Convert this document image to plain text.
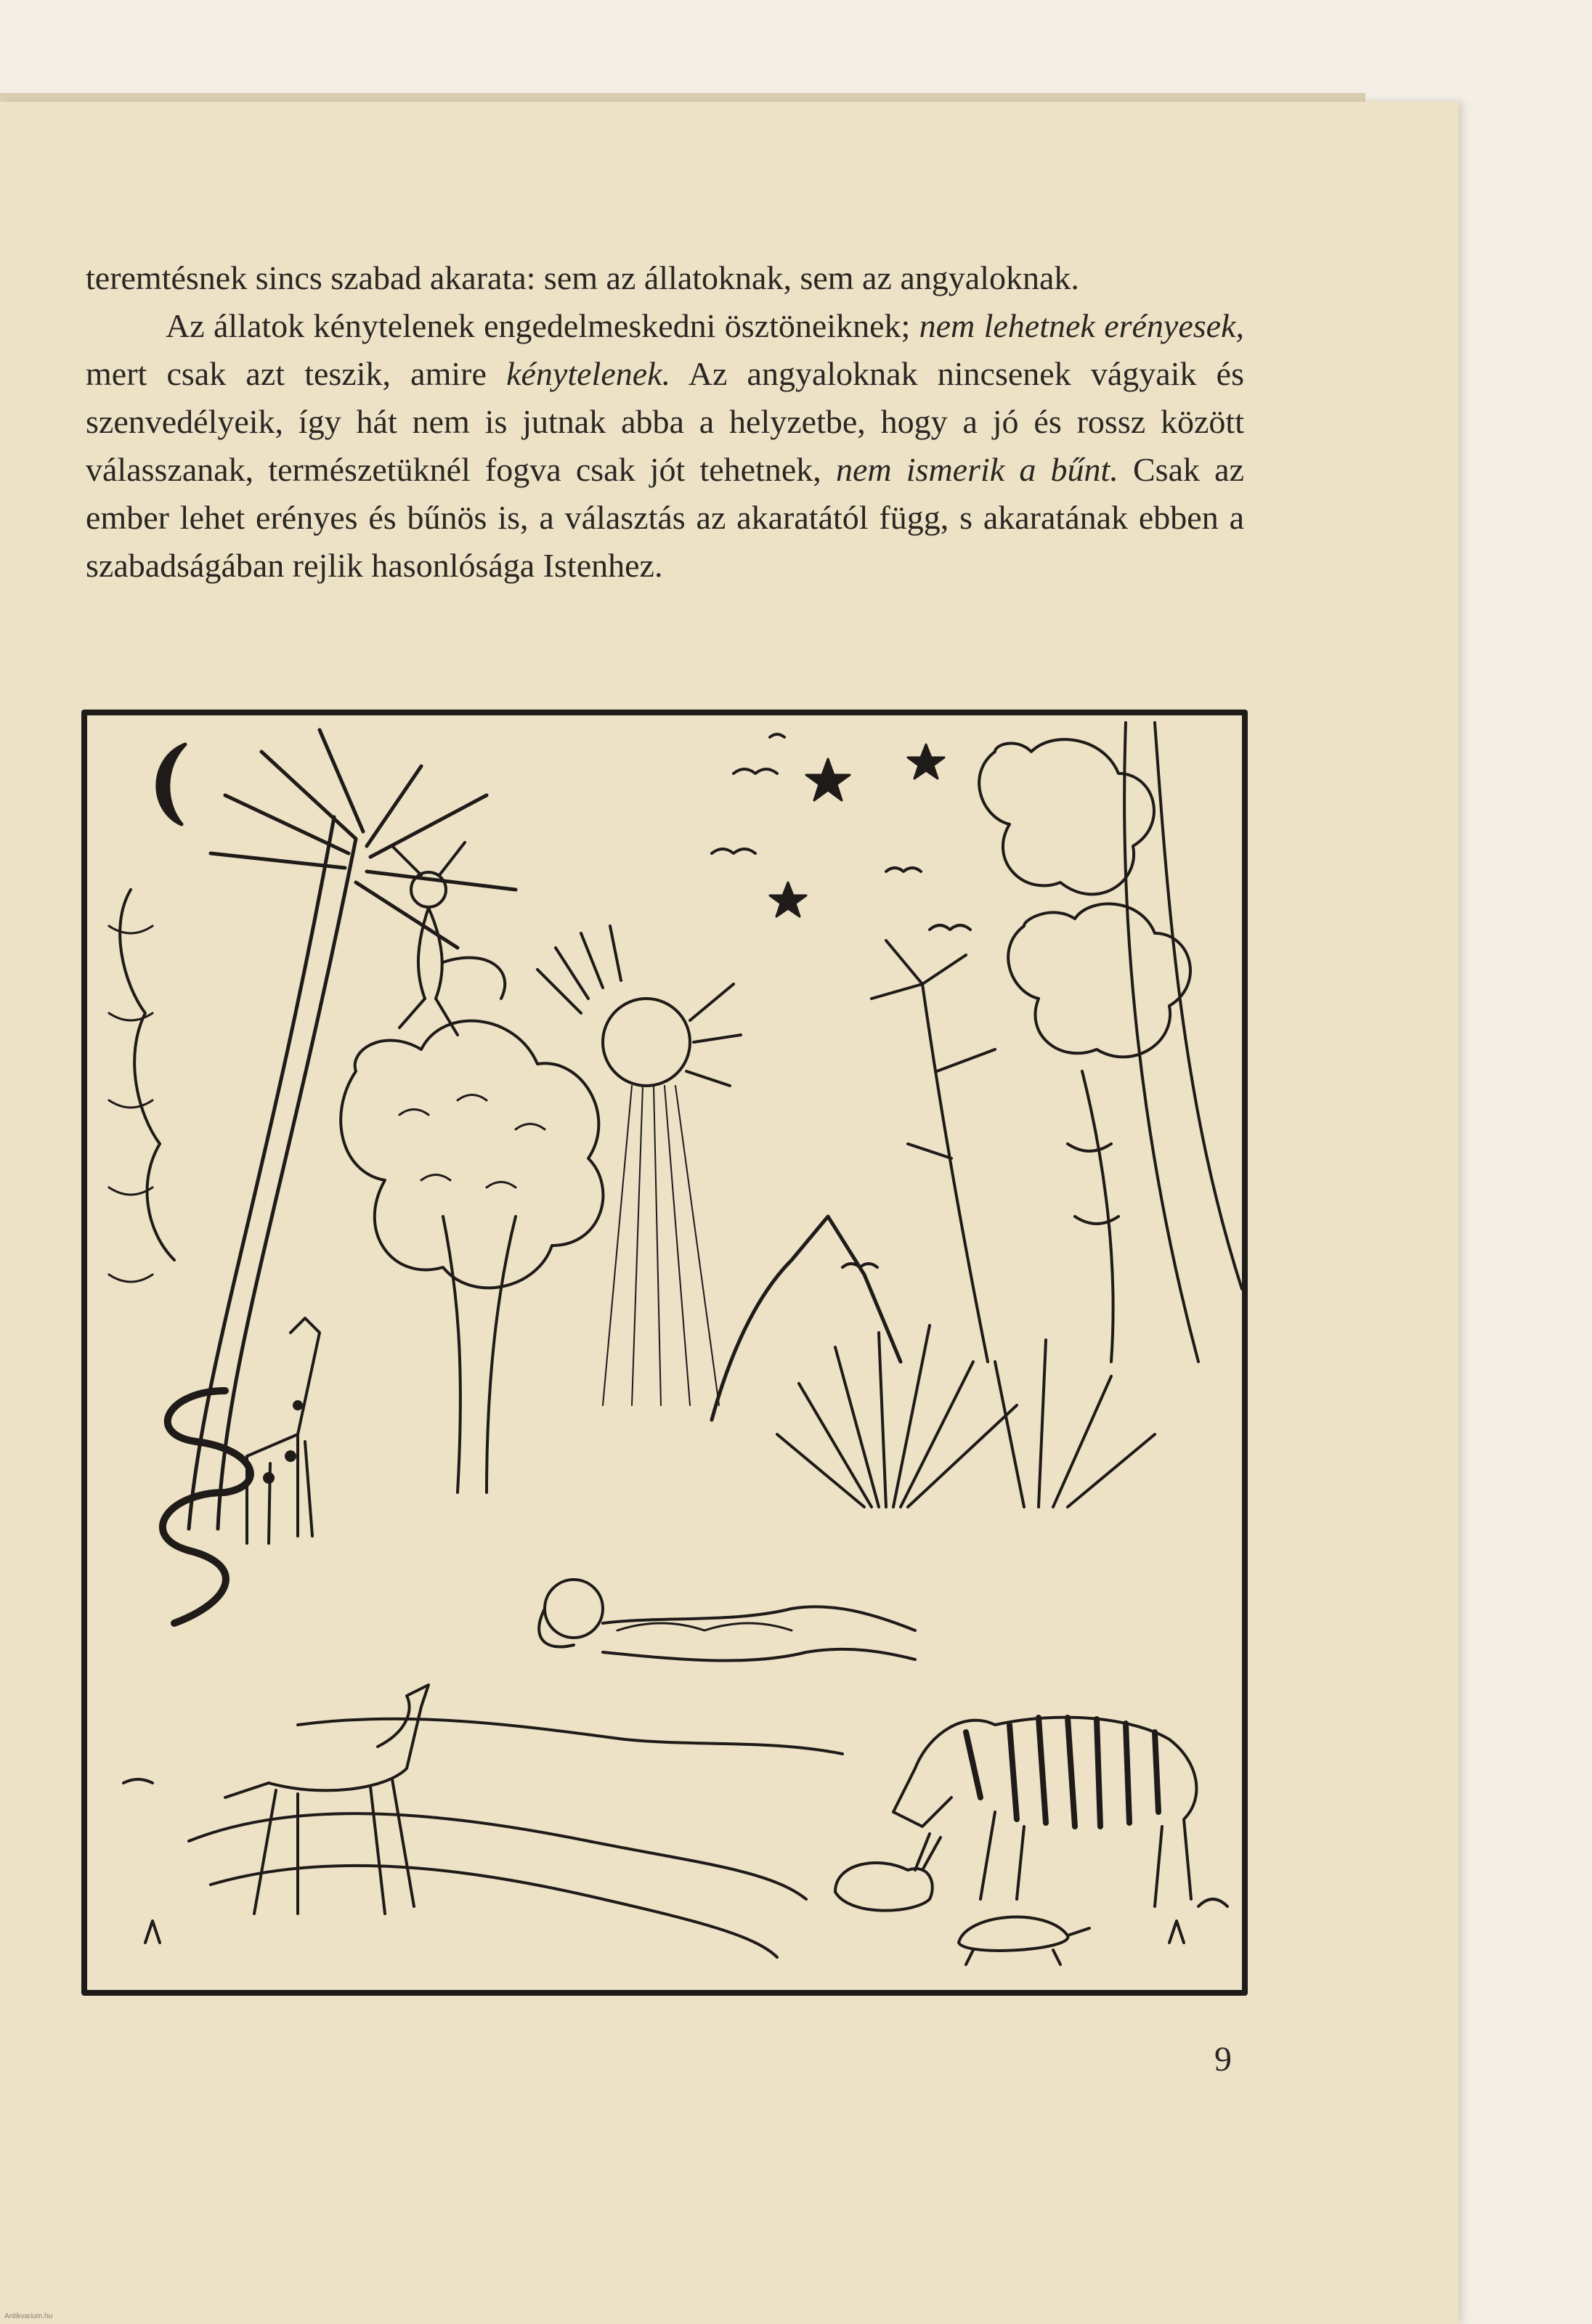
teremtésnek sincs szabad akarata: sem az állatoknak, sem az angyaloknak.

Az állatok kénytelenek engedelmeskedni ösztöneiknek; nem lehetnek erényesek, mert csak azt teszik, amire kénytelenek. Az angyaloknak nincsenek vágyaik és szenvedélyeik, így hát nem is jutnak abba a helyzetbe, hogy a jó és rossz között válasszanak, természetüknél fogva csak jót tehetnek, nem ismerik a bűnt. Csak az ember lehet erényes és bűnös is, a választás az akaratától függ, s akaratának ebben a szabadságában rejlik hasonlósága Istenhez.

9
Antikvarium.hu
